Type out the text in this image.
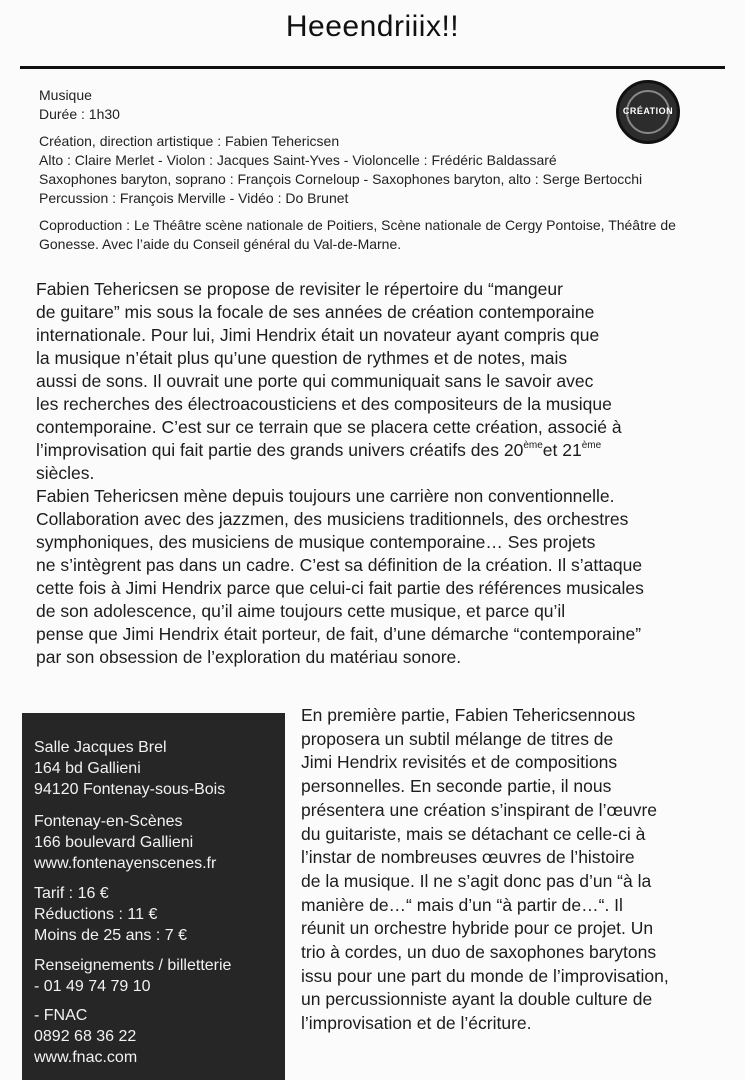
Heeendriiix!!
CRÉATION
Musique
Durée : 1h30
Création, direction artistique : Fabien Tehericsen
Alto : Claire Merlet - Violon : Jacques Saint-Yves - Violoncelle : Frédéric Baldassaré
Saxophones baryton, soprano : François Corneloup - Saxophones baryton, alto : Serge Bertocchi
Percussion : François Merville - Vidéo : Do Brunet
Coproduction : Le Théâtre scène nationale de Poitiers, Scène nationale de Cergy Pontoise, Théâtre de
Gonesse. Avec l’aide du Conseil général du Val-de-Marne.
Fabien Tehericsen se propose de revisiter le répertoire du “mangeur
de guitare” mis sous la focale de ses années de création contemporaine
internationale. Pour lui, Jimi Hendrix était un novateur ayant compris que
la musique n’était plus qu’une question de rythmes et de notes, mais
aussi de sons. Il ouvrait une porte qui communiquait sans le savoir avec
les recherches des électroacousticiens et des compositeurs de la musique
contemporaine. C’est sur ce terrain que se placera cette création, associé à
l’improvisation qui fait partie des grands univers créatifs des 20èmeet 21ème
siècles.
Fabien Tehericsen mène depuis toujours une carrière non conventionnelle.
Collaboration avec des jazzmen, des musiciens traditionnels, des orchestres
symphoniques, des musiciens de musique contemporaine… Ses projets
ne s’intègrent pas dans un cadre. C’est sa définition de la création. Il s’attaque
cette fois à Jimi Hendrix parce que celui-ci fait partie des références musicales
de son adolescence, qu’il aime toujours cette musique, et parce qu’il
pense que Jimi Hendrix était porteur, de fait, d’une démarche “contemporaine”
par son obsession de l’exploration du matériau sonore.
Salle Jacques Brel
164 bd Gallieni
94120 Fontenay-sous-Bois
Fontenay-en-Scènes
166 boulevard Gallieni
www.fontenayenscenes.fr
Tarif : 16 €
Réductions : 11 €
Moins de 25 ans : 7 €
Renseignements / billetterie
- 01 49 74 79 10
- FNAC
0892 68 36 22
www.fnac.com
En première partie, Fabien Tehericsennous
proposera un subtil mélange de titres de
Jimi Hendrix revisités et de compositions
personnelles. En seconde partie, il nous
présentera une création s’inspirant de l’œuvre
du guitariste, mais se détachant ce celle-ci à
l’instar de nombreuses œuvres de l’histoire
de la musique. Il ne s’agit donc pas d’un “à la
manière de…“ mais d’un “à partir de…“. Il
réunit un orchestre hybride pour ce projet. Un
trio à cordes, un duo de saxophones barytons
issu pour une part du monde de l’improvisation,
un percussionniste ayant la double culture de
l’improvisation et de l’écriture.
